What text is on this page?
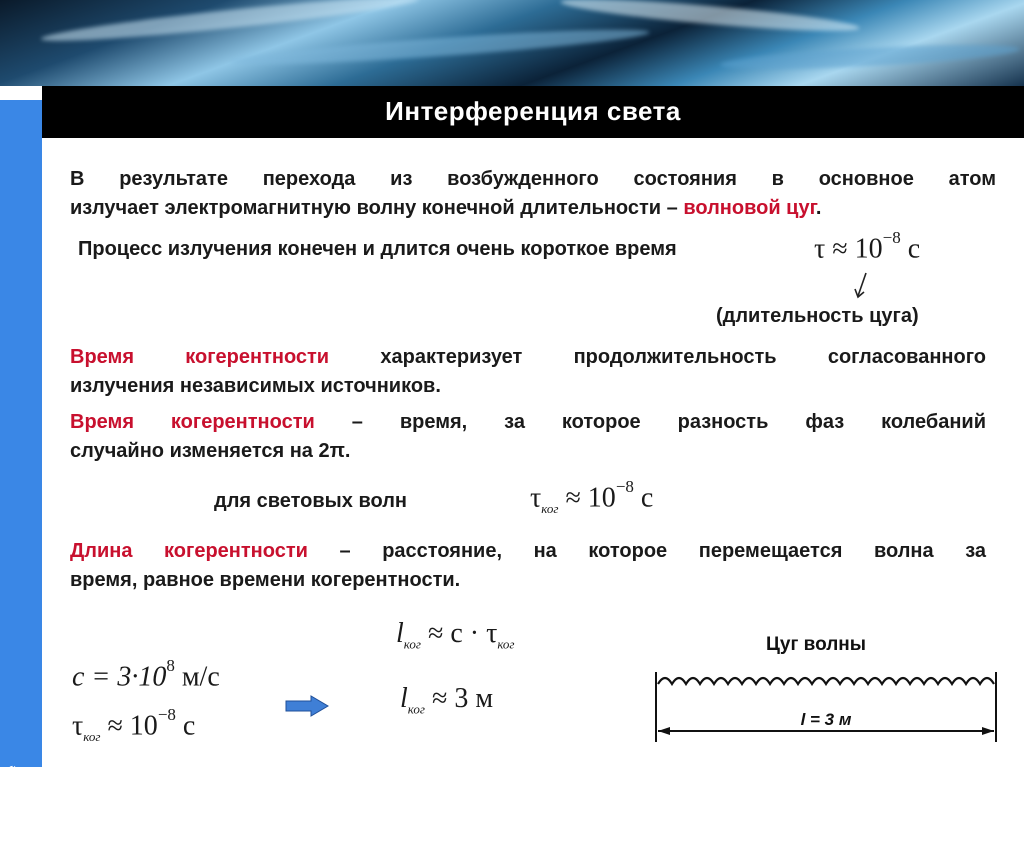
Интерференция света
company name
В результате перехода из возбужденного состояния в основное атом
излучает электромагнитную волну конечной длительности – волновой цуг.
Процесс излучения конечен и длится очень короткое время	$\tau \approx 10^{-8}$ с
(длительность цуга)
Время когерентности характеризует продолжительность согласованного
излучения независимых источников.
Время когерентности – время, за которое разность фаз колебаний
случайно изменяется на 2π.
для световых волн	$\tau_{ког} \approx 10^{-8}$ с
Длина когерентности – расстояние, на которое перемещается волна за
время, равное времени когерентности.
$l_{ког} \approx c \cdot \tau_{ког}$
$l_{ког} \approx 3$ м
$c = 3\cdot 10^8$ м/с
$\tau_{ког} \approx 10^{-8}$ с
Цуг волны
l = 3 м
